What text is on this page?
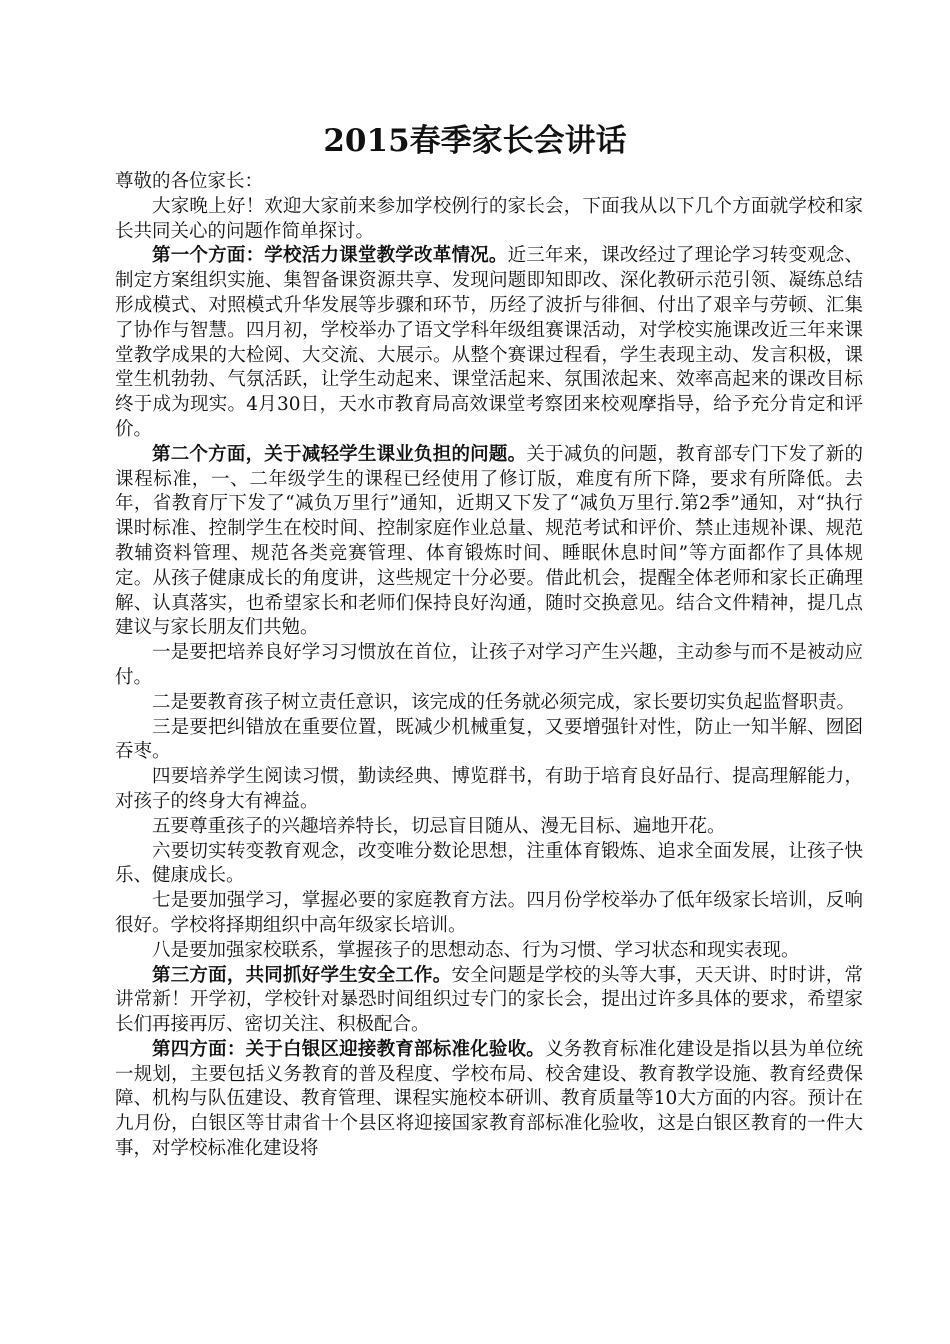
2015春季家长会讲话

尊敬的各位家长：

大家晚上好！欢迎大家前来参加学校例行的家长会，下面我从以下几个方面就学校和家长共同关心的问题作简单探讨。

第一个方面：学校活力课堂教学改革情况。近三年来，课改经过了理论学习转变观念、制定方案组织实施、集智备课资源共享、发现问题即知即改、深化教研示范引领、凝练总结形成模式、对照模式升华发展等步骤和环节，历经了波折与徘徊、付出了艰辛与劳顿、汇集了协作与智慧。四月初，学校举办了语文学科年级组赛课活动，对学校实施课改近三年来课堂教学成果的大检阅、大交流、大展示。从整个赛课过程看，学生表现主动、发言积极，课堂生机勃勃、气氛活跃，让学生动起来、课堂活起来、氛围浓起来、效率高起来的课改目标终于成为现实。4月30日，天水市教育局高效课堂考察团来校观摩指导，给予充分肯定和评价。

第二个方面，关于减轻学生课业负担的问题。关于减负的问题，教育部专门下发了新的课程标准，一、二年级学生的课程已经使用了修订版，难度有所下降，要求有所降低。去年，省教育厅下发了“减负万里行”通知，近期又下发了“减负万里行.第2季”通知，对“执行课时标准、控制学生在校时间、控制家庭作业总量、规范考试和评价、禁止违规补课、规范教辅资料管理、规范各类竞赛管理、体育锻炼时间、睡眠休息时间”等方面都作了具体规定。从孩子健康成长的角度讲，这些规定十分必要。借此机会，提醒全体老师和家长正确理解、认真落实，也希望家长和老师们保持良好沟通，随时交换意见。结合文件精神，提几点建议与家长朋友们共勉。

一是要把培养良好学习习惯放在首位，让孩子对学习产生兴趣，主动参与而不是被动应付。

二是要教育孩子树立责任意识，该完成的任务就必须完成，家长要切实负起监督职责。

三是要把纠错放在重要位置，既减少机械重复，又要增强针对性，防止一知半解、囫囵吞枣。

四要培养学生阅读习惯，勤读经典、博览群书，有助于培育良好品行、提高理解能力，对孩子的终身大有裨益。

五要尊重孩子的兴趣培养特长，切忌盲目随从、漫无目标、遍地开花。

六要切实转变教育观念，改变唯分数论思想，注重体育锻炼、追求全面发展，让孩子快乐、健康成长。

七是要加强学习，掌握必要的家庭教育方法。四月份学校举办了低年级家长培训，反响很好。学校将择期组织中高年级家长培训。

八是要加强家校联系，掌握孩子的思想动态、行为习惯、学习状态和现实表现。

第三方面，共同抓好学生安全工作。安全问题是学校的头等大事，天天讲、时时讲，常讲常新！开学初，学校针对暴恐时间组织过专门的家长会，提出过许多具体的要求，希望家长们再接再厉、密切关注、积极配合。

第四方面：关于白银区迎接教育部标准化验收。义务教育标准化建设是指以县为单位统一规划，主要包括义务教育的普及程度、学校布局、校舍建设、教育教学设施、教育经费保障、机构与队伍建设、教育管理、课程实施校本研训、教育质量等10大方面的内容。预计在九月份，白银区等甘肃省十个县区将迎接国家教育部标准化验收，这是白银区教育的一件大事，对学校标准化建设将
